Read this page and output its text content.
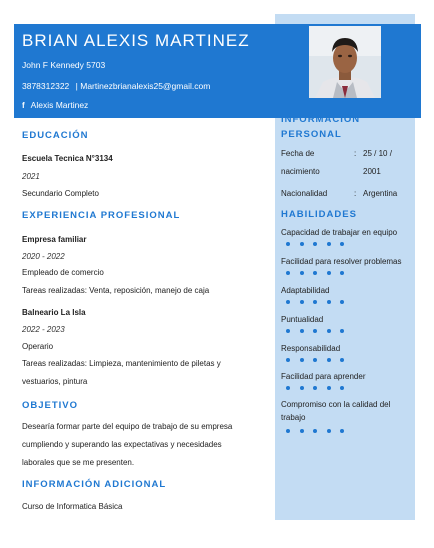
BRIAN ALEXIS MARTINEZ
John F Kennedy 5703
3878312322 | Martinezbrianalexis25@gmail.com
f Alexis Martinez
EDUCACIÓN
Escuela Tecnica N°3134
2021
Secundario Completo
EXPERIENCIA PROFESIONAL
Empresa familiar
2020 - 2022
Empleado de comercio
Tareas realizadas: Venta, reposición, manejo de caja
Balneario La Isla
2022 - 2023
Operario
Tareas realizadas: Limpieza, mantenimiento de piletas y
vestuarios, pintura
OBJETIVO
Desearía formar parte del equipo de trabajo de su empresa
cumpliendo y superando las expectativas y necesidades
laborales que se me presenten.
INFORMACIÓN ADICIONAL
Curso de Informatica Básica
INFORMACIÓN
PERSONAL
Fecha de
nacimiento
: 25 / 10 /
2001
Nacionalidad	: Argentina
HABILIDADES
Capacidad de trabajar en equipo
Facilidad para resolver problemas
Adaptabilidad
Puntualidad
Responsabilidad
Facilidad para aprender
Compromiso con la calidad del trabajo
